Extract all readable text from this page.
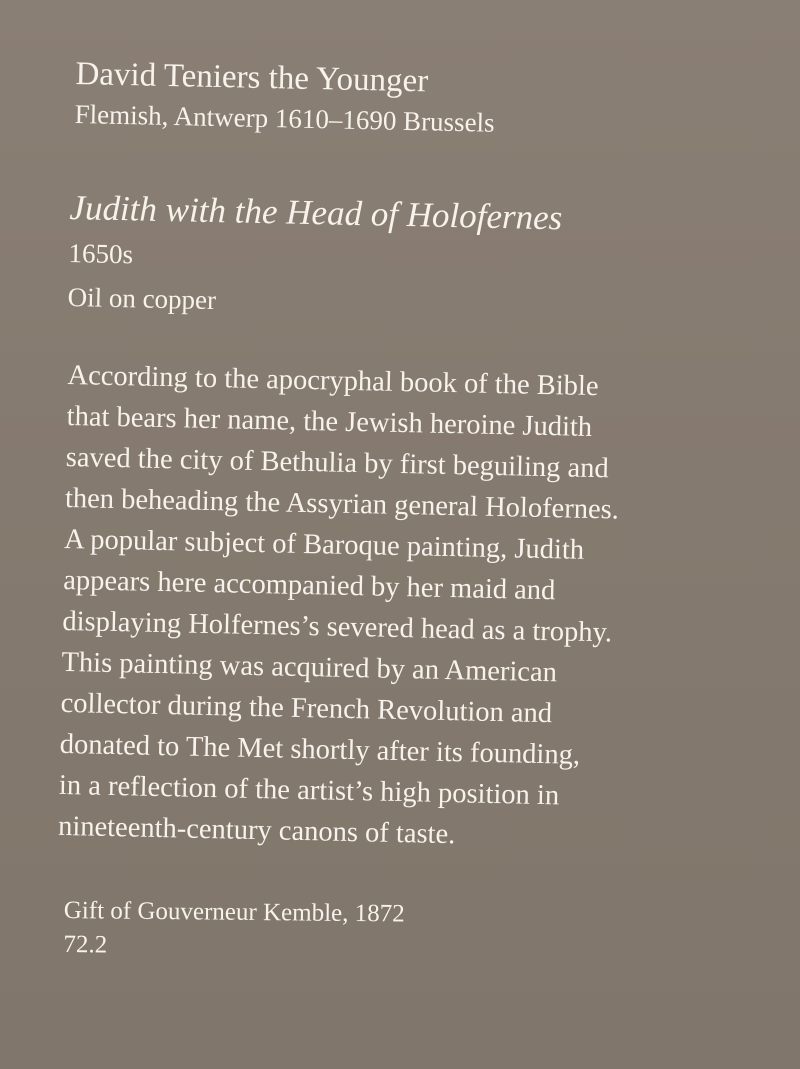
David Teniers the Younger
Flemish, Antwerp 1610–1690 Brussels
Judith with the Head of Holofernes
1650s
Oil on copper
According to the apocryphal book of the Bible
that bears her name, the Jewish heroine Judith
saved the city of Bethulia by first beguiling and
then beheading the Assyrian general Holofernes.
A popular subject of Baroque painting, Judith
appears here accompanied by her maid and
displaying Holfernes’s severed head as a trophy.
This painting was acquired by an American
collector during the French Revolution and
donated to The Met shortly after its founding,
in a reflection of the artist’s high position in
nineteenth-century canons of taste.
Gift of Gouverneur Kemble, 1872
72.2
